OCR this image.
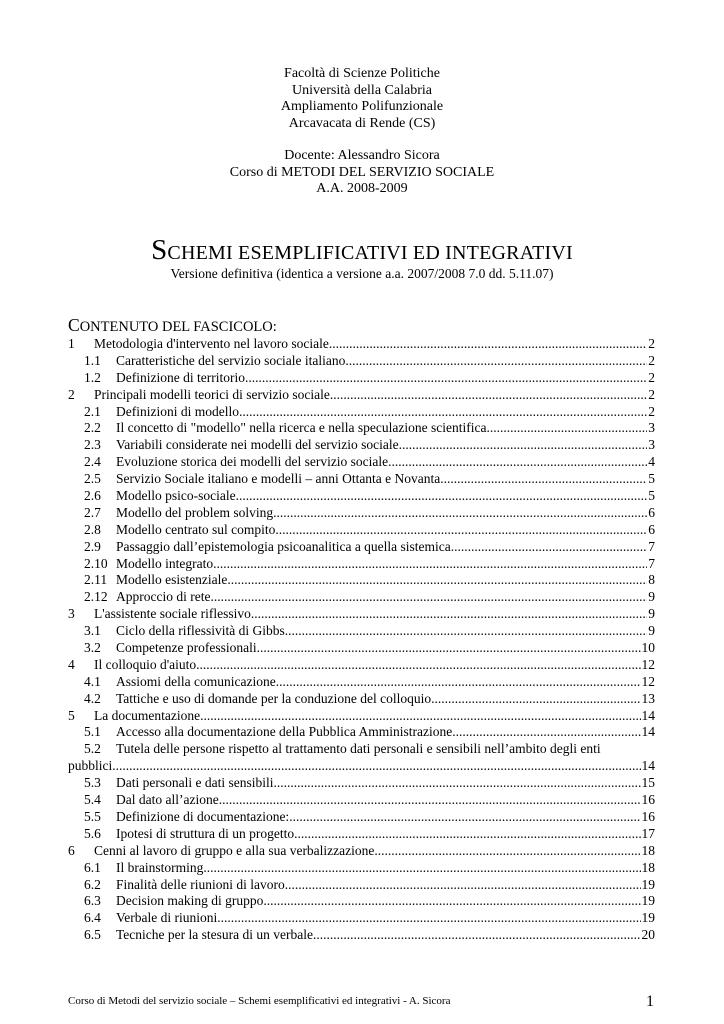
Facoltà di Scienze Politiche
Università della Calabria
Ampliamento Polifunzionale
Arcavacata di Rende (CS)
Docente: Alessandro Sicora
Corso di METODI DEL SERVIZIO SOCIALE
A.A. 2008-2009
SCHEMI ESEMPLIFICATIVI ED INTEGRATIVI
Versione definitiva (identica a versione a.a. 2007/2008 7.0 dd. 5.11.07)
CONTENUTO DEL FASCICOLO:
1	Metodologia d'intervento nel lavoro sociale .....	2
1.1	Caratteristiche del servizio sociale italiano .....	2
1.2	Definizione di territorio .....	2
2	Principali modelli teorici di servizio sociale .....	2
2.1	Definizioni di modello .....	2
2.2	Il concetto di "modello" nella ricerca e nella speculazione scientifica .....	3
2.3	Variabili considerate nei modelli del servizio sociale .....	3
2.4	Evoluzione storica dei modelli del servizio sociale .....	4
2.5	Servizio Sociale italiano e modelli – anni Ottanta e Novanta .....	5
2.6	Modello psico-sociale .....	5
2.7	Modello del problem solving .....	6
2.8	Modello centrato sul compito .....	6
2.9	Passaggio dall’epistemologia psicoanalitica a quella sistemica .....	7
2.10 Modello integrato .....	7
2.11 Modello esistenziale .....	8
2.12 Approccio di rete .....	9
3	L'assistente sociale riflessivo .....	9
3.1	Ciclo della riflessività di Gibbs .....	9
3.2	Competenze professionali .....	10
4	Il colloquio d'aiuto .....	12
4.1	Assiomi della comunicazione .....	12
4.2	Tattiche e uso di domande per la conduzione del colloquio .....	13
5	La documentazione .....	14
5.1	Accesso alla documentazione della Pubblica Amministrazione .....	14
5.2	Tutela delle persone rispetto al trattamento dati personali e sensibili nell’ambito degli enti
pubblici .....	14
5.3	Dati personali e dati sensibili .....	15
5.4	Dal dato all’azione .....	16
5.5	Definizione di documentazione: .....	16
5.6	Ipotesi di struttura di un progetto .....	17
6	Cenni al lavoro di gruppo e alla sua verbalizzazione .....	18
6.1	Il brainstorming .....	18
6.2	Finalità delle riunioni di lavoro .....	19
6.3	Decision making di gruppo .....	19
6.4	Verbale di riunioni .....	19
6.5	Tecniche per la stesura di un verbale .....	20
Corso di Metodi del servizio sociale – Schemi esemplificativi ed integrativi - A. Sicora	1
